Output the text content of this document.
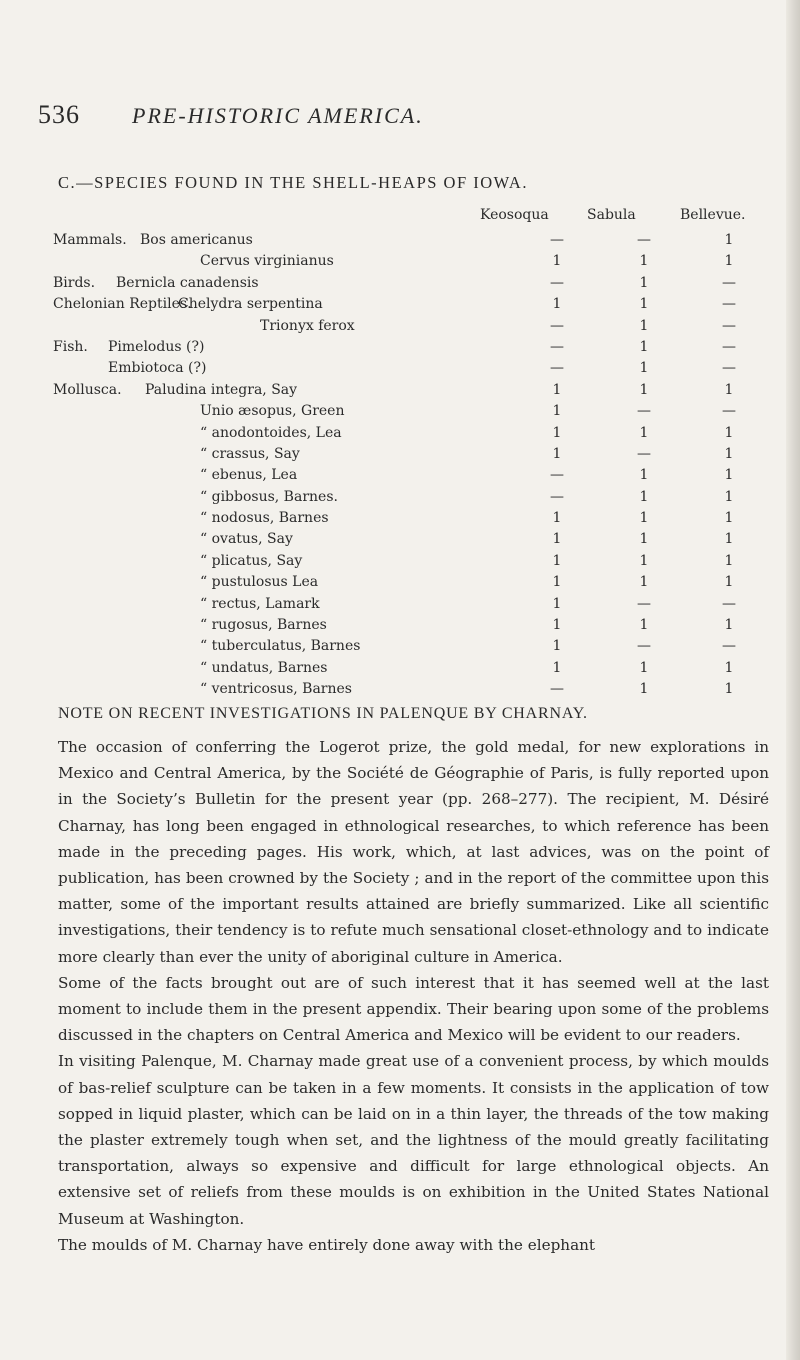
536 PRE-HISTORIC AMERICA.
C.—SPECIES FOUND IN THE SHELL-HEAPS OF IOWA.
Keosoqua	Sabula	Bellevue.
Mammals. Bos americanus	—	—	1
Cervus virginianus	1	1	1
Birds. Bernicla canadensis	—	1	—
Chelonian Reptiles.
Chelydra serpentina	1	1	—
Trionyx ferox	—	1	—
Fish. Pimelodus (?)	—	1	—
Embiotoca (?)	—	1	—
Mollusca. Paludina integra, Say	1	1	1
Unio æsopus, Green	1	—	—
“ anodontoides, Lea	1	1	1
“ crassus, Say	1	—	1
“ ebenus, Lea	—	1	1
“ gibbosus, Barnes.	—	1	1
“ nodosus, Barnes	1	1	1
“ ovatus, Say	1	1	1
“ plicatus, Say	1	1	1
“ pustulosus Lea	1	1	1
“ rectus, Lamark	1	—	—
“ rugosus, Barnes	1	1	1
“ tuberculatus, Barnes	1	—	—
“ undatus, Barnes	1	1	1
“ ventricosus, Barnes	—	1	1
NOTE ON RECENT INVESTIGATIONS IN PALENQUE BY CHARNAY.

The occasion of conferring the Logerot prize, the gold medal, for new explorations in Mexico and Central America, by the Société de Géographie of Paris, is fully reported upon in the Society’s Bulletin for the present year (pp. 268–277). The recipient, M. Désiré Charnay, has long been engaged in ethnological researches, to which reference has been made in the preceding pages. His work, which, at last advices, was on the point of publication, has been crowned by the Society ; and in the report of the committee upon this matter, some of the important results attained are briefly summarized. Like all scientific investigations, their tendency is to refute much sensational closet-ethnology and to indicate more clearly than ever the unity of aboriginal culture in America.

Some of the facts brought out are of such interest that it has seemed well at the last moment to include them in the present appendix. Their bearing upon some of the problems discussed in the chapters on Central America and Mexico will be evident to our readers.

In visiting Palenque, M. Charnay made great use of a convenient process, by which moulds of bas-relief sculpture can be taken in a few moments. It consists in the application of tow sopped in liquid plaster, which can be laid on in a thin layer, the threads of the tow making the plaster extremely tough when set, and the lightness of the mould greatly facilitating transportation, always so expensive and difficult for large ethnological objects. An extensive set of reliefs from these moulds is on exhibition in the United States National Museum at Washington.

The moulds of M. Charnay have entirely done away with the elephant
